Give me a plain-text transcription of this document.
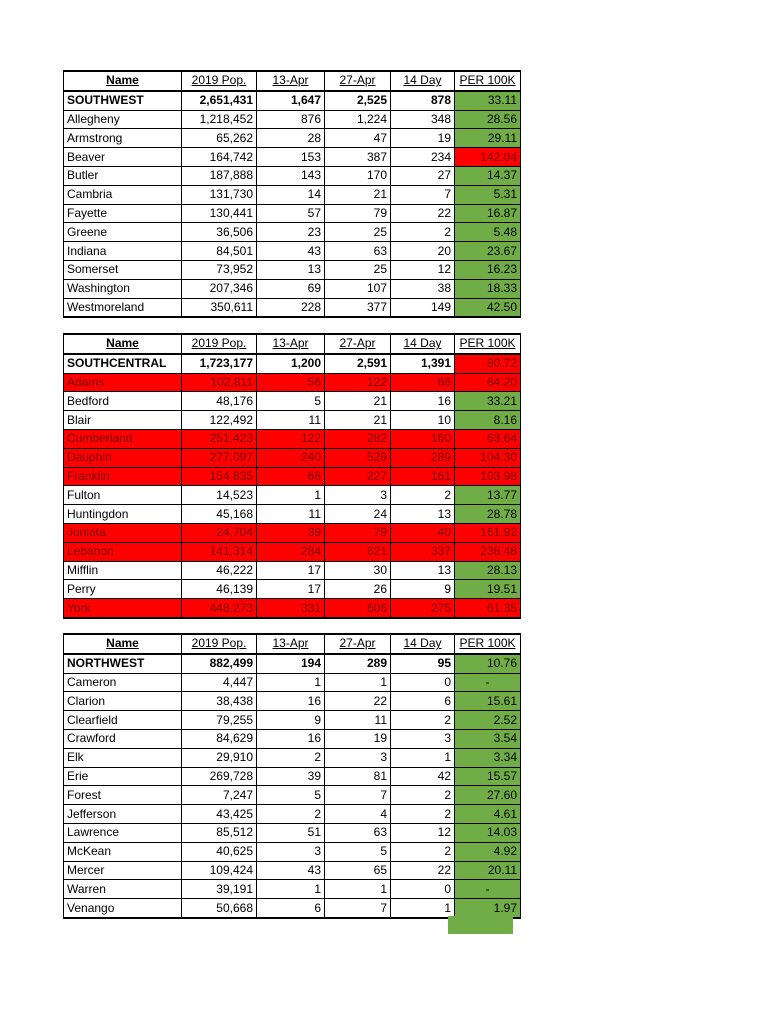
Name	2019 Pop.	13-Apr	27-Apr	14 Day	PER 100K
SOUTHWEST	2,651,431	1,647	2,525	878	33.11
Allegheny	1,218,452	876	1,224	348	28.56
Armstrong	65,262	28	47	19	29.11
Beaver	164,742	153	387	234	142.04
Butler	187,888	143	170	27	14.37
Cambria	131,730	14	21	7	5.31
Fayette	130,441	57	79	22	16.87
Greene	36,506	23	25	2	5.48
Indiana	84,501	43	63	20	23.67
Somerset	73,952	13	25	12	16.23
Washington	207,346	69	107	38	18.33
Westmoreland	350,611	228	377	149	42.50
Name	2019 Pop.	13-Apr	27-Apr	14 Day	PER 100K
SOUTHCENTRAL	1,723,177	1,200	2,591	1,391	80.72
Adams	102,811	56	122	66	64.20
Bedford	48,176	5	21	16	33.21
Blair	122,492	11	21	10	8.16
Cumberland	251,423	122	282	160	63.64
Dauphin	277,097	240	529	289	104.30
Franklin	154,835	66	227	161	103.98
Fulton	14,523	1	3	2	13.77
Huntingdon	45,168	11	24	13	28.78
Juniata	24,704	39	79	40	161.92
Lebanon	141,314	284	621	337	238.48
Mifflin	46,222	17	30	13	28.13
Perry	46,139	17	26	9	19.51
York	448,273	331	606	275	61.35
Name	2019 Pop.	13-Apr	27-Apr	14 Day	PER 100K
NORTHWEST	882,499	194	289	95	10.76
Cameron	4,447	1	1	0	-
Clarion	38,438	16	22	6	15.61
Clearfield	79,255	9	11	2	2.52
Crawford	84,629	16	19	3	3.54
Elk	29,910	2	3	1	3.34
Erie	269,728	39	81	42	15.57
Forest	7,247	5	7	2	27.60
Jefferson	43,425	2	4	2	4.61
Lawrence	85,512	51	63	12	14.03
McKean	40,625	3	5	2	4.92
Mercer	109,424	43	65	22	20.11
Warren	39,191	1	1	0	-
Venango	50,668	6	7	1	1.97
